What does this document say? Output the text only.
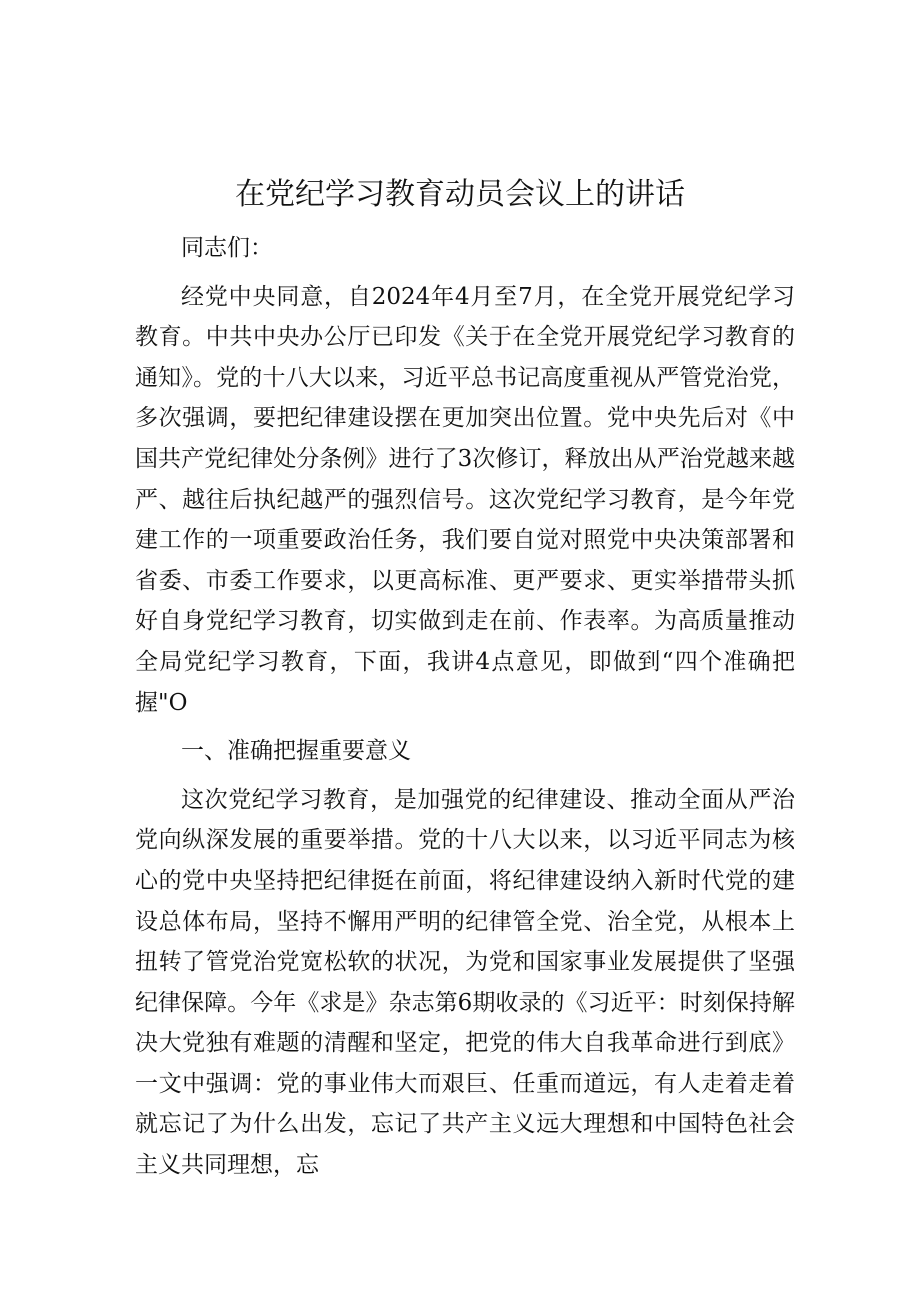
在党纪学习教育动员会议上的讲话

同志们：

经党中央同意，自2024年4月至7月，在全党开展党纪学习教育。中共中央办公厅已印发《关于在全党开展党纪学习教育的通知》。党的十八大以来，习近平总书记高度重视从严管党治党，多次强调，要把纪律建设摆在更加突出位置。党中央先后对《中国共产党纪律处分条例》进行了3次修订，释放出从严治党越来越严、越往后执纪越严的强烈信号。这次党纪学习教育，是今年党建工作的一项重要政治任务，我们要自觉对照党中央决策部署和省委、市委工作要求，以更高标准、更严要求、更实举措带头抓好自身党纪学习教育，切实做到走在前、作表率。为高质量推动全局党纪学习教育，下面，我讲4点意见，即做到“四个准确把握"O

一、准确把握重要意义

这次党纪学习教育，是加强党的纪律建设、推动全面从严治党向纵深发展的重要举措。党的十八大以来，以习近平同志为核心的党中央坚持把纪律挺在前面，将纪律建设纳入新时代党的建设总体布局，坚持不懈用严明的纪律管全党、治全党，从根本上扭转了管党治党宽松软的状况，为党和国家事业发展提供了坚强纪律保障。今年《求是》杂志第6期收录的《习近平：时刻保持解决大党独有难题的清醒和坚定，把党的伟大自我革命进行到底》一文中强调：党的事业伟大而艰巨、任重而道远，有人走着走着就忘记了为什么出发，忘记了共产主义远大理想和中国特色社会主义共同理想，忘
